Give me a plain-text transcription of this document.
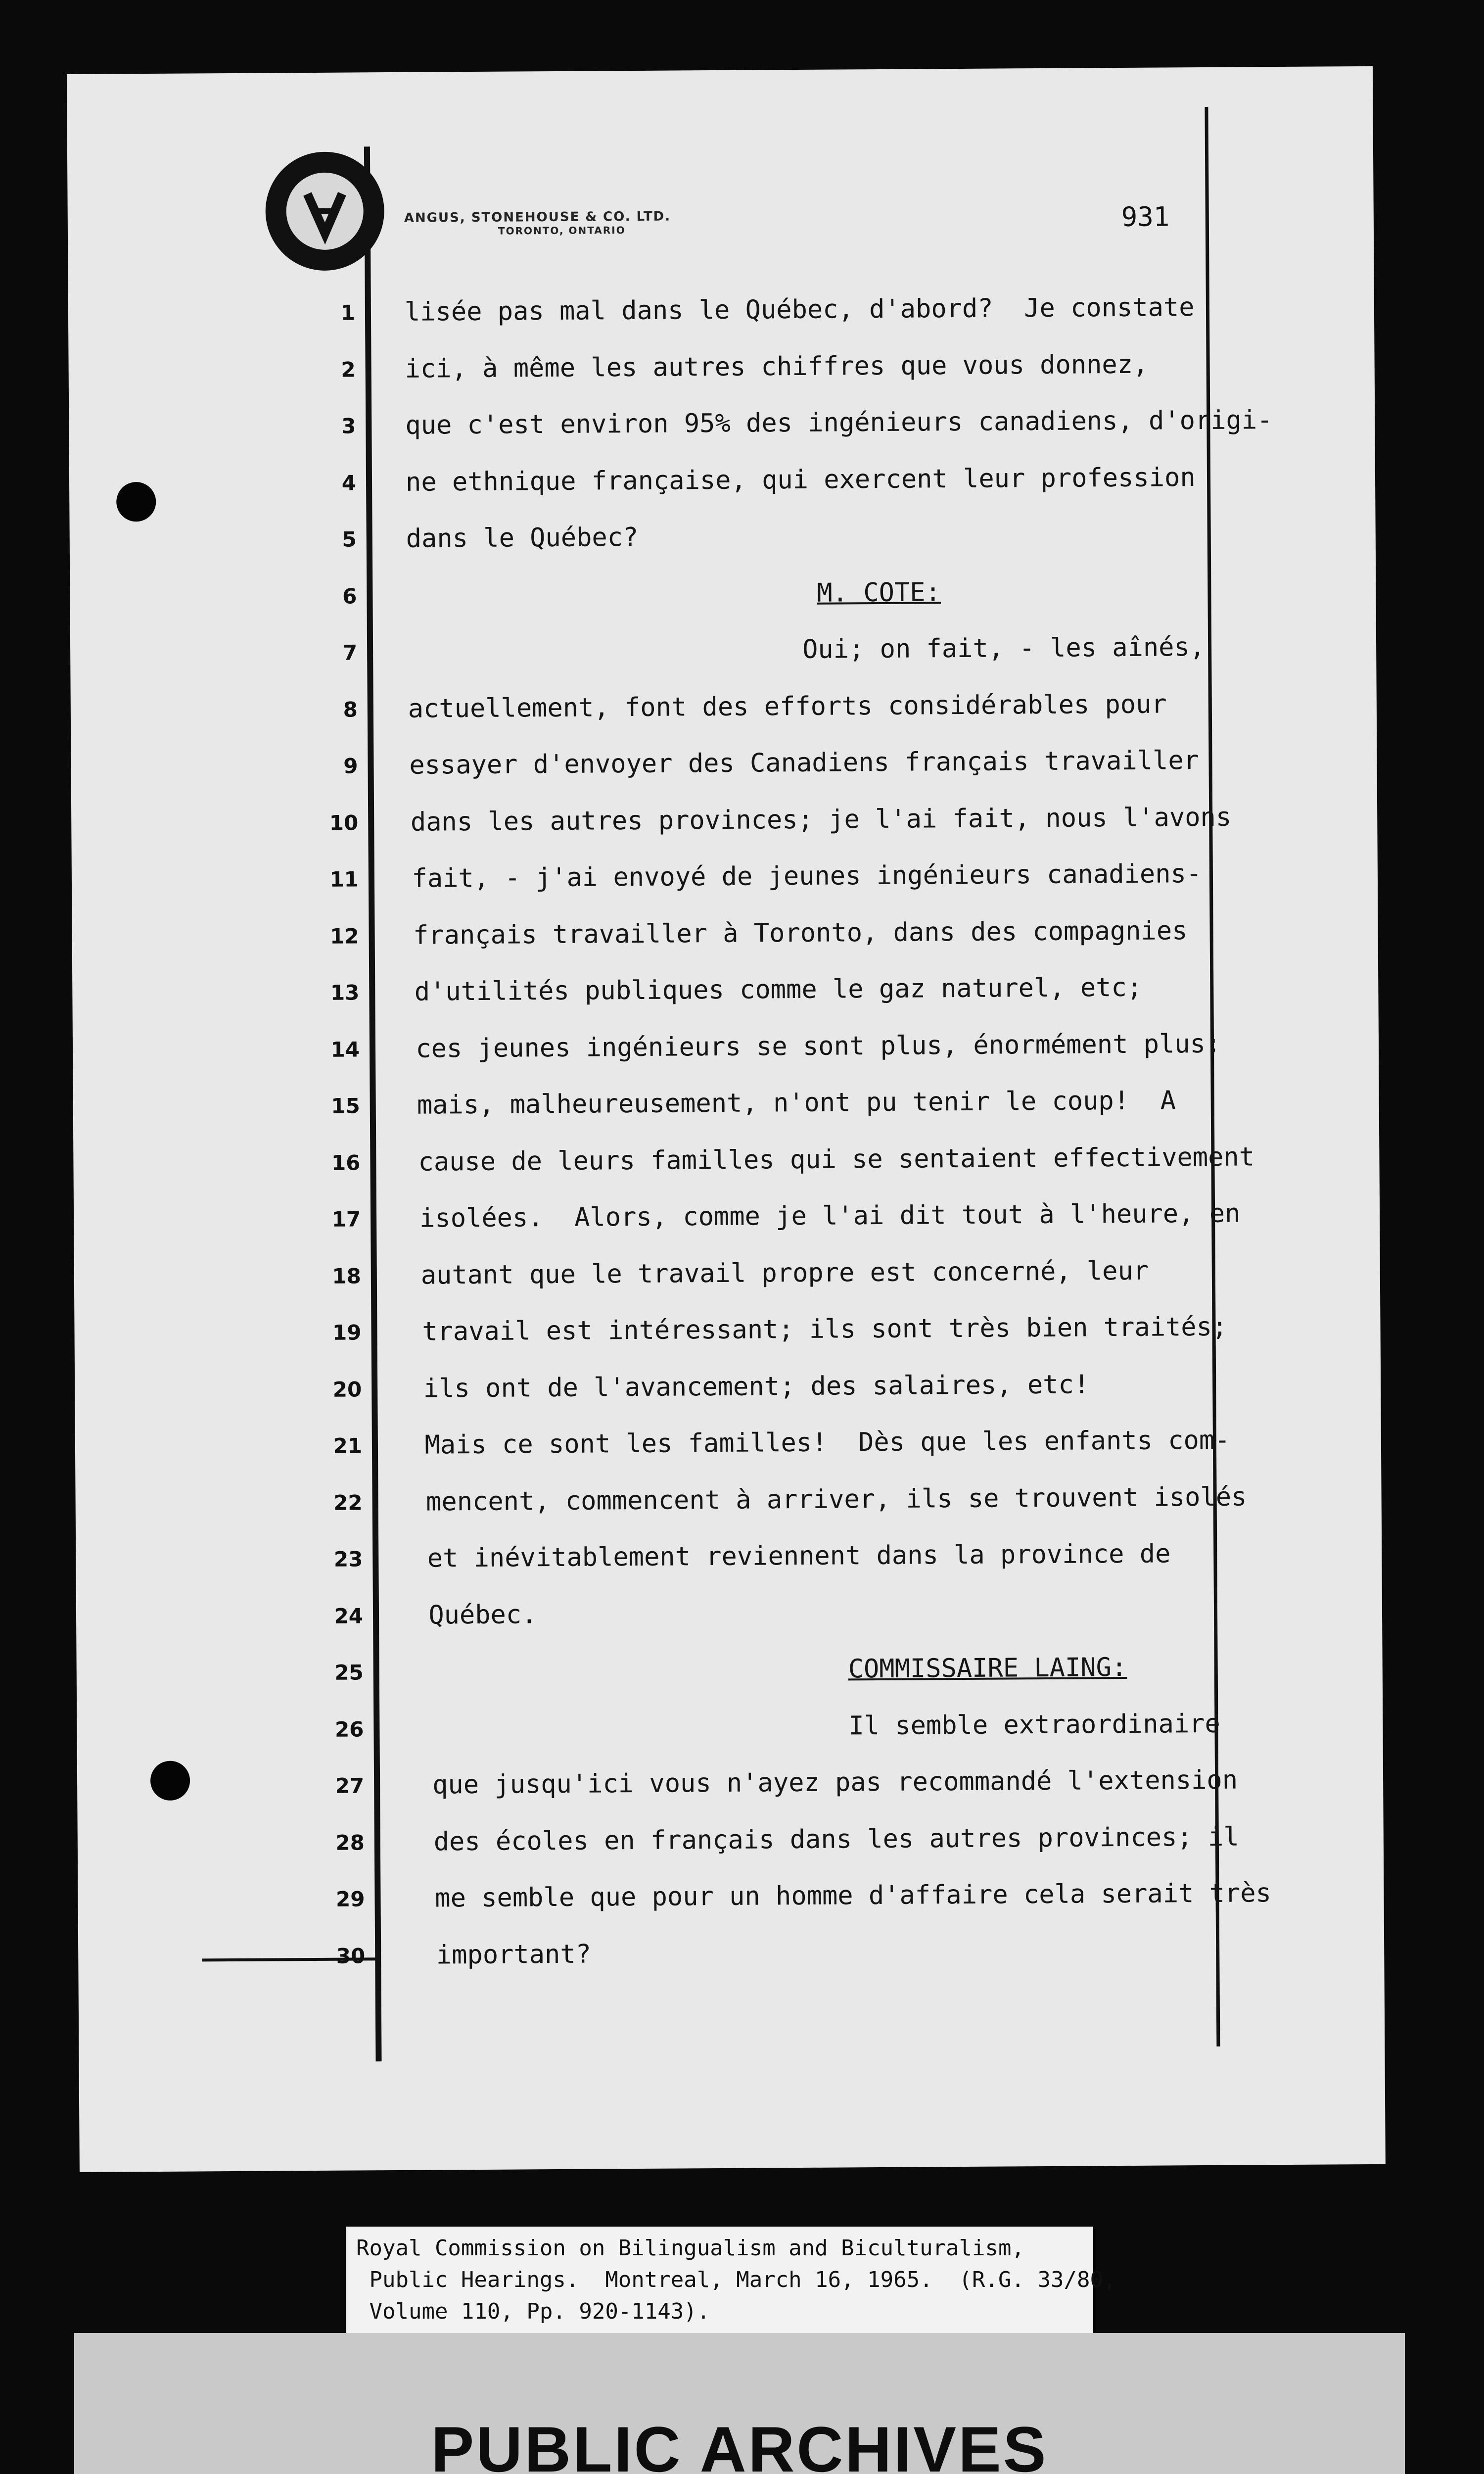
ANGUS, STONEHOUSE & CO. LTD.
TORONTO, ONTARIO	931
1
2
3
4
5
6
7
8
9
10
11
12
13
14
15
16
17
18
19
20
21
22
23
24
25
26
27
28
29
30
lisée pas mal dans le Québec, d'abord?  Je constate
ici, à même les autres chiffres que vous donnez,
que c'est environ 95% des ingénieurs canadiens, d'origi-
ne ethnique française, qui exercent leur profession
dans le Québec?
M. COTE:
Oui; on fait, - les aînés,
actuellement, font des efforts considérables pour
essayer d'envoyer des Canadiens français travailler
dans les autres provinces; je l'ai fait, nous l'avons
fait, - j'ai envoyé de jeunes ingénieurs canadiens-
français travailler à Toronto, dans des compagnies
d'utilités publiques comme le gaz naturel, etc;
ces jeunes ingénieurs se sont plus, énormément plus;
mais, malheureusement, n'ont pu tenir le coup!  A
cause de leurs familles qui se sentaient effectivement
isolées.  Alors, comme je l'ai dit tout à l'heure, en
autant que le travail propre est concerné, leur
travail est intéressant; ils sont très bien traités;
ils ont de l'avancement; des salaires, etc!
Mais ce sont les familles!  Dès que les enfants com-
mencent, commencent à arriver, ils se trouvent isolés
et inévitablement reviennent dans la province de
Québec.
COMMISSAIRE LAING:
Il semble extraordinaire
que jusqu'ici vous n'ayez pas recommandé l'extension
des écoles en français dans les autres provinces; il
me semble que pour un homme d'affaire cela serait très
important?
Royal Commission on Bilingualism and Biculturalism,
Public Hearings.  Montreal, March 16, 1965.  (R.G. 33/80,
Volume 110, Pp. 920-1143).
PUBLIC ARCHIVES
